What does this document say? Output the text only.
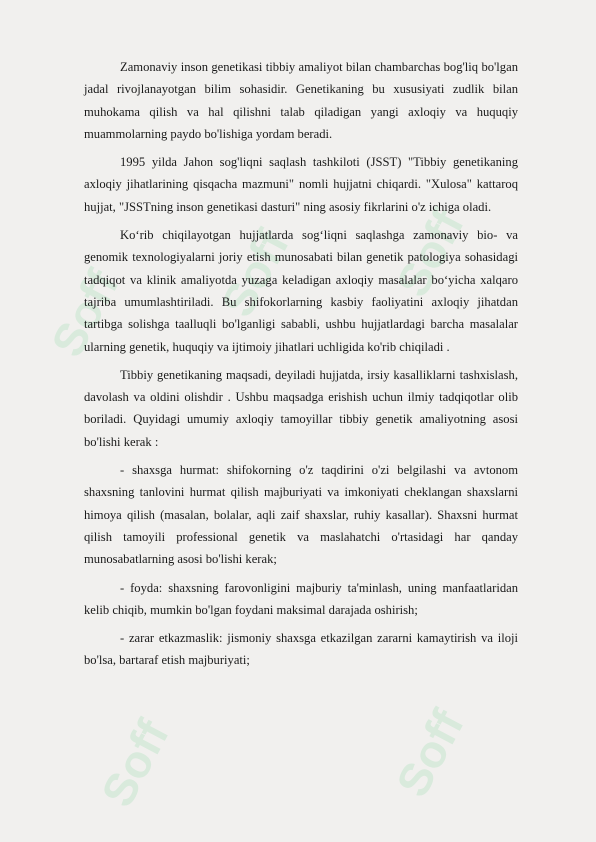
Soff Soff
Soff
Soff
Soff

Zamonaviy inson genetikasi tibbiy amaliyot bilan chambarchas bog'liq bo'lgan jadal rivojlanayotgan bilim sohasidir. Genetikaning bu xususiyati zudlik bilan muhokama qilish va hal qilishni talab qiladigan yangi axloqiy va huquqiy muammolarning paydo bo'lishiga yordam beradi.

1995 yilda Jahon sog'liqni saqlash tashkiloti (JSST) "Tibbiy genetikaning axloqiy jihatlarining qisqacha mazmuni" nomli hujjatni chiqardi. "Xulosa" kattaroq hujjat, "JSSTning inson genetikasi dasturi" ning asosiy fikrlarini o'z ichiga oladi.

Ko‘rib chiqilayotgan hujjatlarda sog‘liqni saqlashga zamonaviy bio- va genomik texnologiyalarni joriy etish munosabati bilan genetik patologiya sohasidagi tadqiqot va klinik amaliyotda yuzaga keladigan axloqiy masalalar bo‘yicha xalqaro tajriba umumlashtiriladi. Bu shifokorlarning kasbiy faoliyatini axloqiy jihatdan tartibga solishga taalluqli bo'lganligi sababli, ushbu hujjatlardagi barcha masalalar ularning genetik, huquqiy va ijtimoiy jihatlari uchligida ko'rib chiqiladi .

Tibbiy genetikaning maqsadi, deyiladi hujjatda, irsiy kasalliklarni tashxislash, davolash va oldini olishdir . Ushbu maqsadga erishish uchun ilmiy tadqiqotlar olib boriladi. Quyidagi umumiy axloqiy tamoyillar tibbiy genetik amaliyotning asosi bo'lishi kerak :

- shaxsga hurmat: shifokorning o'z taqdirini o'zi belgilashi va avtonom shaxsning tanlovini hurmat qilish majburiyati va imkoniyati cheklangan shaxslarni himoya qilish (masalan, bolalar, aqli zaif shaxslar, ruhiy kasallar). Shaxsni hurmat qilish tamoyili professional genetik va maslahatchi o'rtasidagi har qanday munosabatlarning asosi bo'lishi kerak;

- foyda: shaxsning farovonligini majburiy ta'minlash, uning manfaatlaridan kelib chiqib, mumkin bo'lgan foydani maksimal darajada oshirish;

- zarar etkazmaslik: jismoniy shaxsga etkazilgan zararni kamaytirish va iloji bo'lsa, bartaraf etish majburiyati;
